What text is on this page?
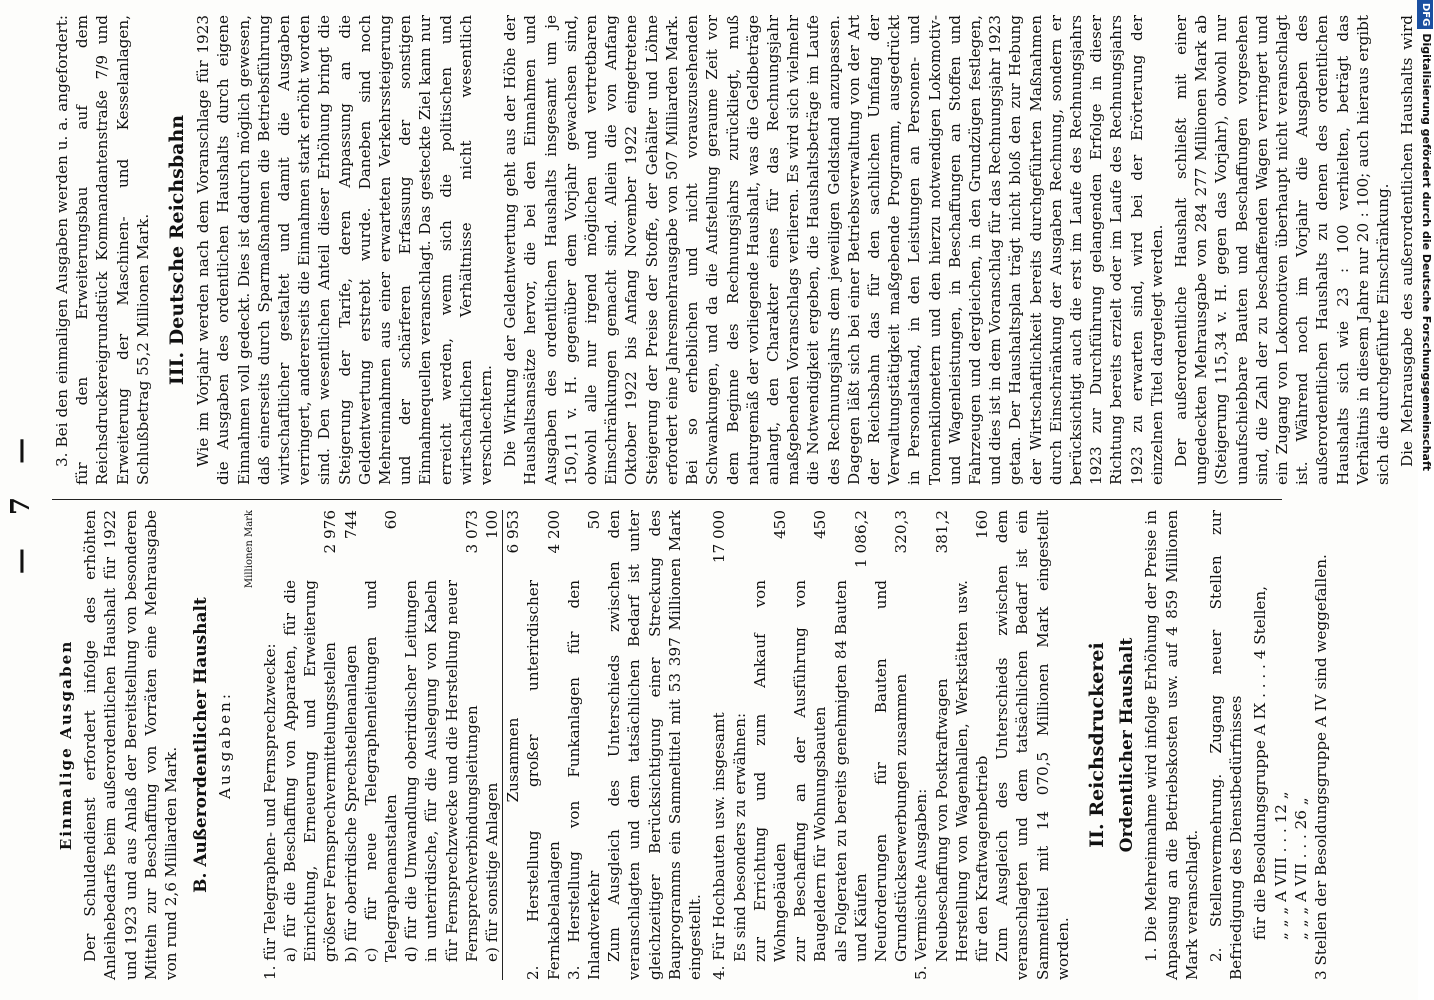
— 7 —
Einmalige Ausgaben Der Schuldendienst erfordert infolge des erhöhten Anleihebedarfs beim außerordentlichen Haushalt für 1922 und 1923 und aus Anlaß der Bereitstellung von besonderen Mitteln zur Beschaffung von Vorräten eine Mehrausgabe von rund 2,6 Milliarden Mark. B. Außerordentlicher Haushalt Ausgaben:
Millionen Mark
1. für Telegraphen- und Fernsprechzwecke: a) für die Beschaffung von Apparaten, für die Einrichtung, Erneuerung und Erweiterung größerer Fernsprechvermittelungsstellen
2 976
b) für oberirdische Sprechstellenanlagen
744
c) für neue Telegraphenleitungen und Telegraphenanstalten
60
d) für die Umwandlung oberirdischer Leitungen in unterirdische, für die Auslegung von Kabeln für Fernsprechzwecke und die Herstellung neuer Fernsprechverbindungsleitungen
3 073
e) für sonstige Anlagen
100
Zusammen
6 953
2. Herstellung großer unterirdischer Fernkabelanlagen
4 200
3. Herstellung von Funkanlagen für den Inlandverkehr
50 Zum Ausgleich des Unterschieds zwischen den veranschlagten und dem tatsächlichen Bedarf ist unter gleichzeitiger Berücksichtigung einer Streckung des Bauprogramms ein Sammeltitel mit 53 397 Millionen Mark eingestellt. 4. Für Hochbauten usw. insgesamt
17 000
Es sind besonders zu erwähnen: zur Errichtung und zum Ankauf von Wohngebäuden
450
zur Beschaffung an der Ausführung von Baugeldern für Wohnungsbauten
450
als Folgeraten zu bereits genehmigten 84 Bauten und Käufen
1 086,2
Neuforderungen für Bauten und Grundstückserwerbungen zusammen
320,3
5. Vermischte Ausgaben: Neubeschaffung von Postkraftwagen
381,2
Herstellung von Wagenhallen, Werkstätten usw. für den Kraftwagenbetrieb
160 Zum Ausgleich des Unterschieds zwischen dem veranschlagten und dem tatsächlichen Bedarf ist ein Sammeltitel mit 14 070,5 Millionen Mark eingestellt worden.

II. Reichsdruckerei Ordentlicher Haushalt 1. Die Mehreinnahme wird infolge Erhöhung der Preise in Anpassung an die Betriebskosten usw. auf 4 859 Millionen Mark veranschlagt. 2. Stellenvermehrung. Zugang neuer Stellen zur Befriedigung des Dienstbedürfnisses für die Besoldungsgruppe A IX . . . . 4 Stellen, „ „ „ A VIII . . . 12 „ „ „ „ A VII . . . 26 „ 3 Stellen der Besoldungsgruppe A IV sind weggefallen.

3. Bei den einmaligen Ausgaben werden u. a. angefordert: für den Erweiterungsbau auf dem Reichsdruckereigrundstück Kommandantenstraße 7/9 und Erweiterung der Maschinen- und Kesselanlagen, Schlußbetrag 55,2 Millionen Mark. III. Deutsche Reichsbahn Wie im Vorjahr werden nach dem Voranschlage für 1923 die Ausgaben des ordentlichen Haushalts durch eigene Einnahmen voll gedeckt. Dies ist dadurch möglich gewesen, daß einerseits durch Sparmaßnahmen die Betriebsführung wirtschaftlicher gestaltet und damit die Ausgaben verringert, andererseits die Einnahmen stark erhöht worden sind. Den wesentlichen Anteil dieser Erhöhung bringt die Steigerung der Tarife, deren Anpassung an die Geldentwertung erstrebt wurde. Daneben sind noch Mehreinnahmen aus einer erwarteten Verkehrssteigerung und der schärferen Erfassung der sonstigen Einnahmequellen veranschlagt. Das gesteckte Ziel kann nur erreicht werden, wenn sich die politischen und wirtschaftlichen Verhältnisse nicht wesentlich verschlechtern. Die Wirkung der Geldentwertung geht aus der Höhe der Haushaltsansätze hervor, die bei den Einnahmen und Ausgaben des ordentlichen Haushalts insgesamt um je 150,11 v. H. gegenüber dem Vorjahr gewachsen sind, obwohl alle nur irgend möglichen und vertretbaren Einschränkungen gemacht sind. Allein die von Anfang Oktober 1922 bis Anfang November 1922 eingetretene Steigerung der Preise der Stoffe, der Gehälter und Löhne erfordert eine Jahresmehrausgabe von 507 Milliarden Mark. Bei so erheblichen und nicht vorauszusehenden Schwankungen, und da die Aufstellung geraume Zeit vor dem Beginne des Rechnungsjahrs zurückliegt, muß naturgemäß der vorliegende Haushalt, was die Geldbeträge anlangt, den Charakter eines für das Rechnungsjahr maßgebenden Voranschlags verlieren. Es wird sich vielmehr die Notwendigkeit ergeben, die Haushaltsbeträge im Laufe des Rechnungsjahrs dem jeweiligen Geldstand anzupassen. Dagegen läßt sich bei einer Betriebsverwaltung von der Art der Reichsbahn das für den sachlichen Umfang der Verwaltungstätigkeit maßgebende Programm, ausgedrückt in Personalstand, in den Leistungen an Personen- und Tonnenkilometern und den hierzu notwendigen Lokomotiv- und Wagenleistungen, in Beschaffungen an Stoffen und Fahrzeugen und dergleichen, in den Grundzügen festlegen, und dies ist in dem Voranschlag für das Rechnungsjahr 1923 getan. Der Haushaltsplan trägt nicht bloß den zur Hebung der Wirtschaftlichkeit bereits durchgeführten Maßnahmen durch Einschränkung der Ausgaben Rechnung, sondern er berücksichtigt auch die erst im Laufe des Rechnungsjahrs 1923 zur Durchführung gelangenden Erfolge in dieser Richtung bereits erzielt oder im Laufe des Rechnungsjahrs 1923 zu erwarten sind, wird bei der Erörterung der einzelnen Titel dargelegt werden. Der außerordentliche Haushalt schließt mit einer ungedeckten Mehrausgabe von 284 277 Millionen Mark ab (Steigerung 115,34 v. H. gegen das Vorjahr), obwohl nur unaufschiebbare Bauten und Beschaffungen vorgesehen sind, die Zahl der zu beschaffenden Wagen verringert und ein Zugang von Lokomotiven überhaupt nicht veranschlagt ist. Während noch im Vorjahr die Ausgaben des außerordentlichen Haushalts zu denen des ordentlichen Haushalts sich wie 23 : 100 verhielten, beträgt das Verhältnis in diesem Jahre nur 20 : 100; auch hieraus ergibt sich die durchgeführte Einschränkung. Die Mehrausgabe des außerordentlichen Haushalts wird

DFGDigitalisierung gefördert durch die Deutsche Forschungsgemeinschaft
